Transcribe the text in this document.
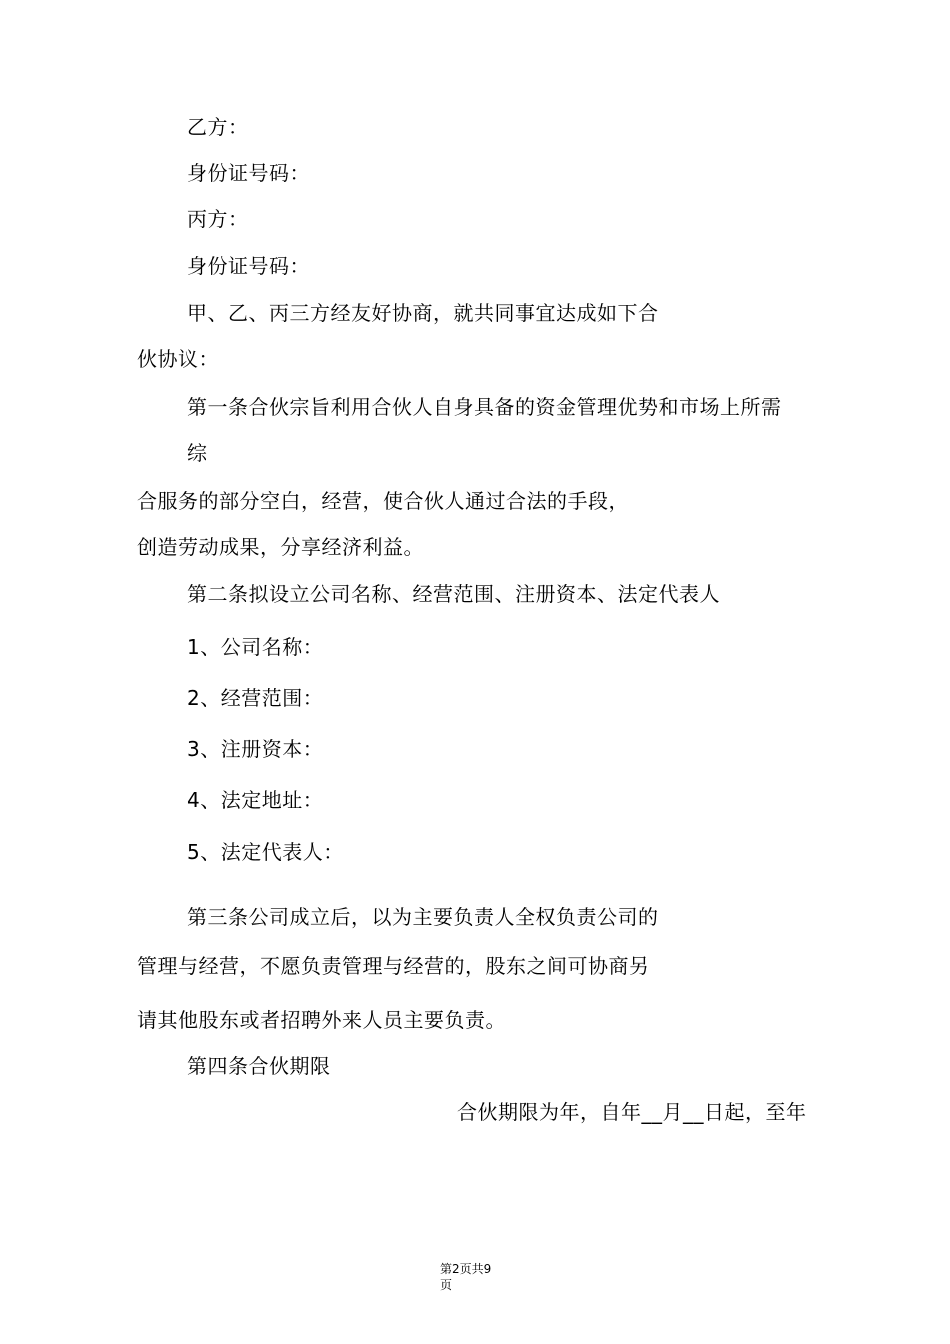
乙方：

身份证号码：

丙方：

身份证号码：

甲、乙、丙三方经友好协商，就共同事宜达成如下合

伙协议：

第一条合伙宗旨利用合伙人自身具备的资金管理优势和市场上所需

综

合服务的部分空白，经营，使合伙人通过合法的手段，

创造劳动成果，分享经济利益。

第二条拟设立公司名称、经营范围、注册资本、法定代表人

1、公司名称：

2、经营范围：

3、注册资本：

4、法定地址：

5、法定代表人：

第三条公司成立后，以为主要负责人全权负责公司的

管理与经营，不愿负责管理与经营的，股东之间可协商另

请其他股东或者招聘外来人员主要负责。

第四条合伙期限

合伙期限为年，自年__月__日起，至年

第2页共9
页
